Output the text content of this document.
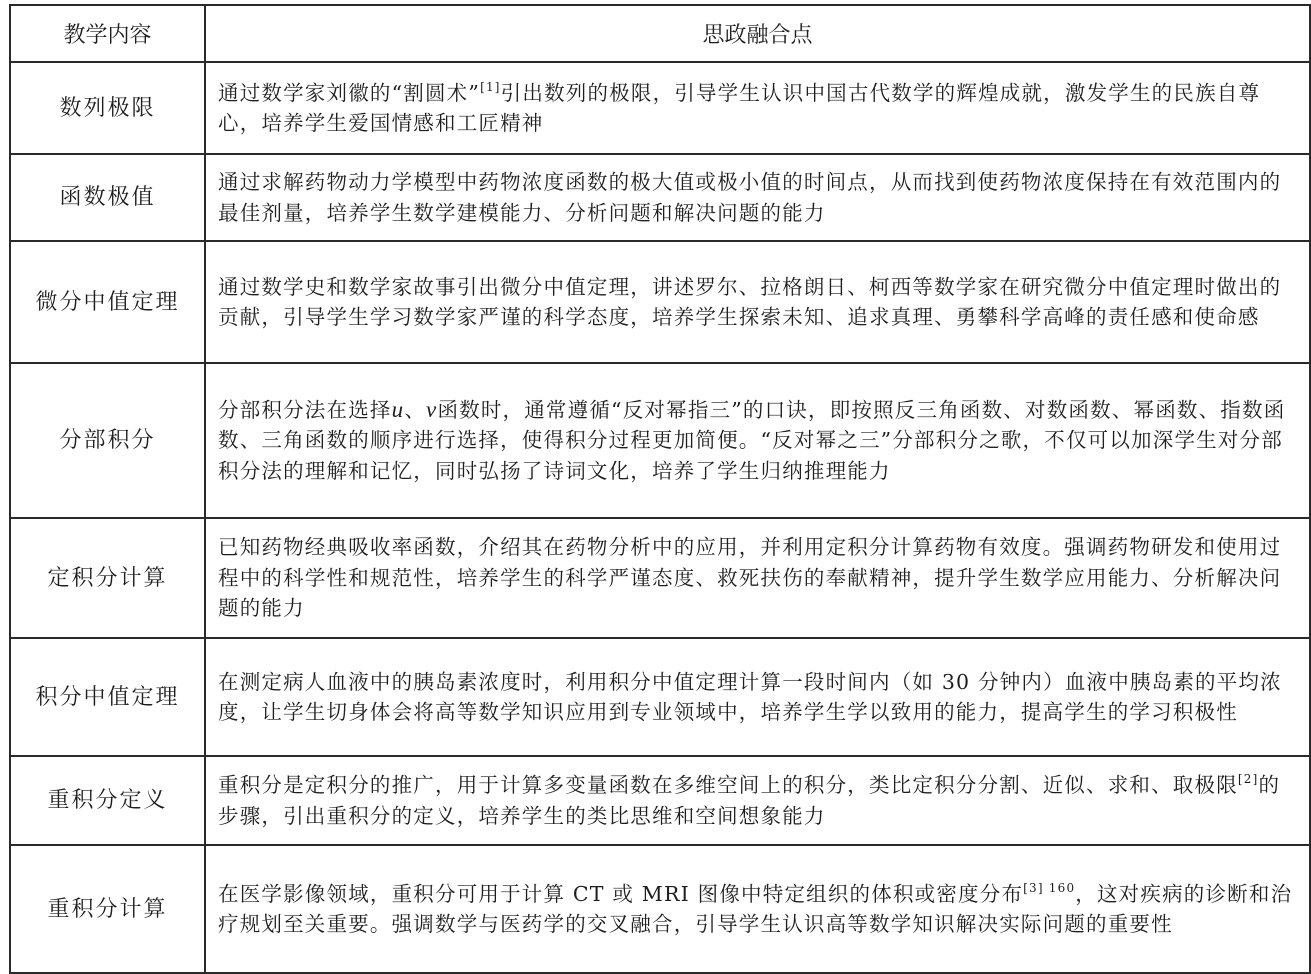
教学内容	思政融合点
数列极限	通过数学家刘徽的“割圆术”[1]引出数列的极限，引导学生认识中国古代数学的辉煌成就，激发学生的民族自尊心，培养学生爱国情感和工匠精神
函数极值	通过求解药物动力学模型中药物浓度函数的极大值或极小值的时间点，从而找到使药物浓度保持在有效范围内的最佳剂量，培养学生数学建模能力、分析问题和解决问题的能力
微分中值定理	通过数学史和数学家故事引出微分中值定理，讲述罗尔、拉格朗日、柯西等数学家在研究微分中值定理时做出的贡献，引导学生学习数学家严谨的科学态度，培养学生探索未知、追求真理、勇攀科学高峰的责任感和使命感
分部积分	分部积分法在选择u、v函数时，通常遵循“反对幂指三”的口诀，即按照反三角函数、对数函数、幂函数、指数函数、三角函数的顺序进行选择，使得积分过程更加简便。“反对幂之三”分部积分之歌，不仅可以加深学生对分部积分法的理解和记忆，同时弘扬了诗词文化，培养了学生归纳推理能力
定积分计算	已知药物经典吸收率函数，介绍其在药物分析中的应用，并利用定积分计算药物有效度。强调药物研发和使用过程中的科学性和规范性，培养学生的科学严谨态度、救死扶伤的奉献精神，提升学生数学应用能力、分析解决问题的能力
积分中值定理	在测定病人血液中的胰岛素浓度时，利用积分中值定理计算一段时间内（如 30 分钟内）血液中胰岛素的平均浓度，让学生切身体会将高等数学知识应用到专业领域中，培养学生学以致用的能力，提高学生的学习积极性
重积分定义	重积分是定积分的推广，用于计算多变量函数在多维空间上的积分，类比定积分分割、近似、求和、取极限[2]的步骤，引出重积分的定义，培养学生的类比思维和空间想象能力
重积分计算	在医学影像领域，重积分可用于计算 CT 或 MRI 图像中特定组织的体积或密度分布$^{[3] 160}$，这对疾病的诊断和治疗规划至关重要。强调数学与医药学的交叉融合，引导学生认识高等数学知识解决实际问题的重要性
